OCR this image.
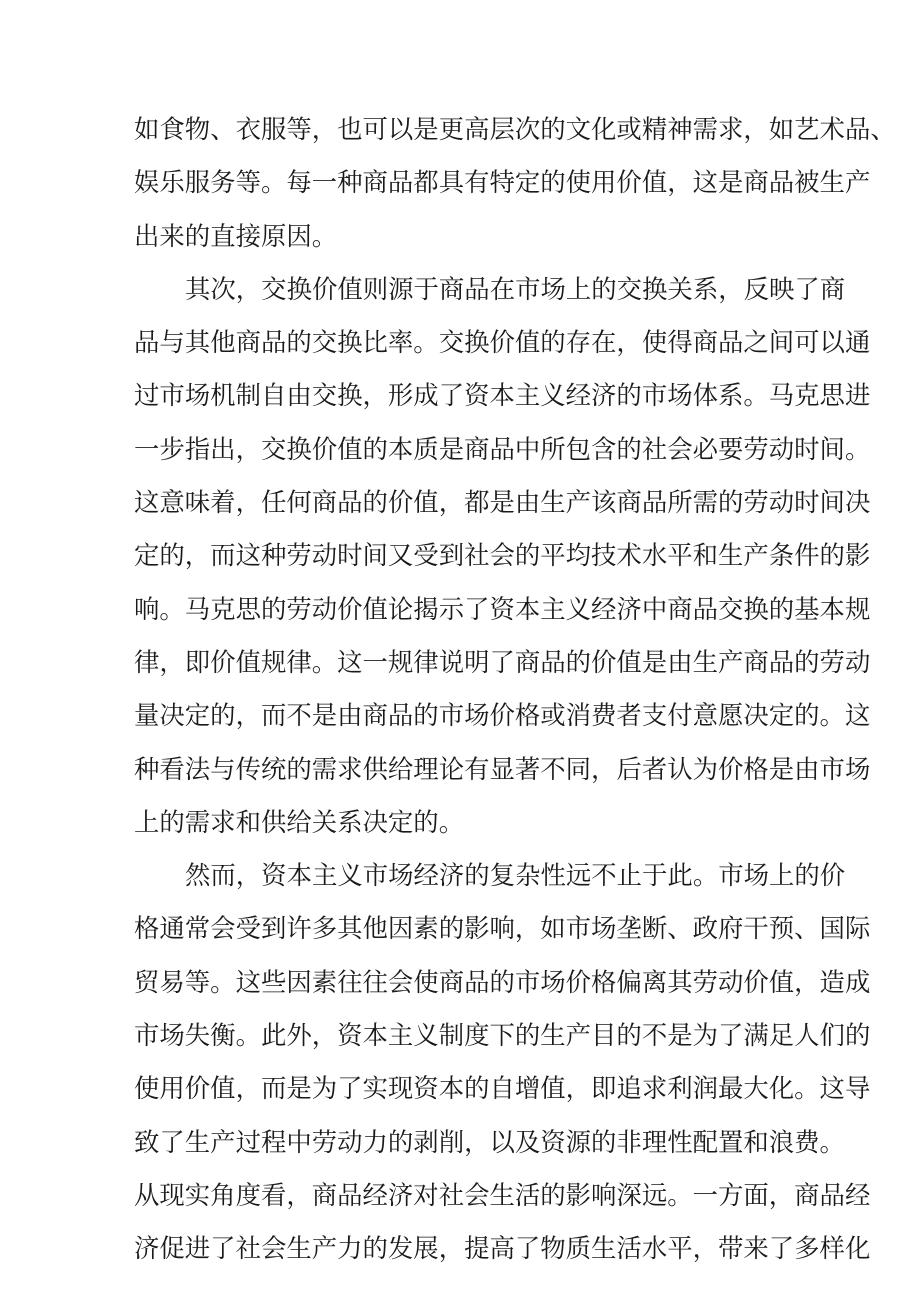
如食物、衣服等，也可以是更高层次的文化或精神需求，如艺术品、
娱乐服务等。每一种商品都具有特定的使用价值，这是商品被生产
出来的直接原因。
其次，交换价值则源于商品在市场上的交换关系，反映了商
品与其他商品的交换比率。交换价值的存在，使得商品之间可以通
过市场机制自由交换，形成了资本主义经济的市场体系。马克思进
一步指出，交换价值的本质是商品中所包含的社会必要劳动时间。
这意味着，任何商品的价值，都是由生产该商品所需的劳动时间决
定的，而这种劳动时间又受到社会的平均技术水平和生产条件的影
响。马克思的劳动价值论揭示了资本主义经济中商品交换的基本规
律，即价值规律。这一规律说明了商品的价值是由生产商品的劳动
量决定的，而不是由商品的市场价格或消费者支付意愿决定的。这
种看法与传统的需求供给理论有显著不同，后者认为价格是由市场
上的需求和供给关系决定的。
然而，资本主义市场经济的复杂性远不止于此。市场上的价
格通常会受到许多其他因素的影响，如市场垄断、政府干预、国际
贸易等。这些因素往往会使商品的市场价格偏离其劳动价值，造成
市场失衡。此外，资本主义制度下的生产目的不是为了满足人们的
使用价值，而是为了实现资本的自增值，即追求利润最大化。这导
致了生产过程中劳动力的剥削，以及资源的非理性配置和浪费。
从现实角度看，商品经济对社会生活的影响深远。一方面，商品经
济促进了社会生产力的发展，提高了物质生活水平，带来了多样化
